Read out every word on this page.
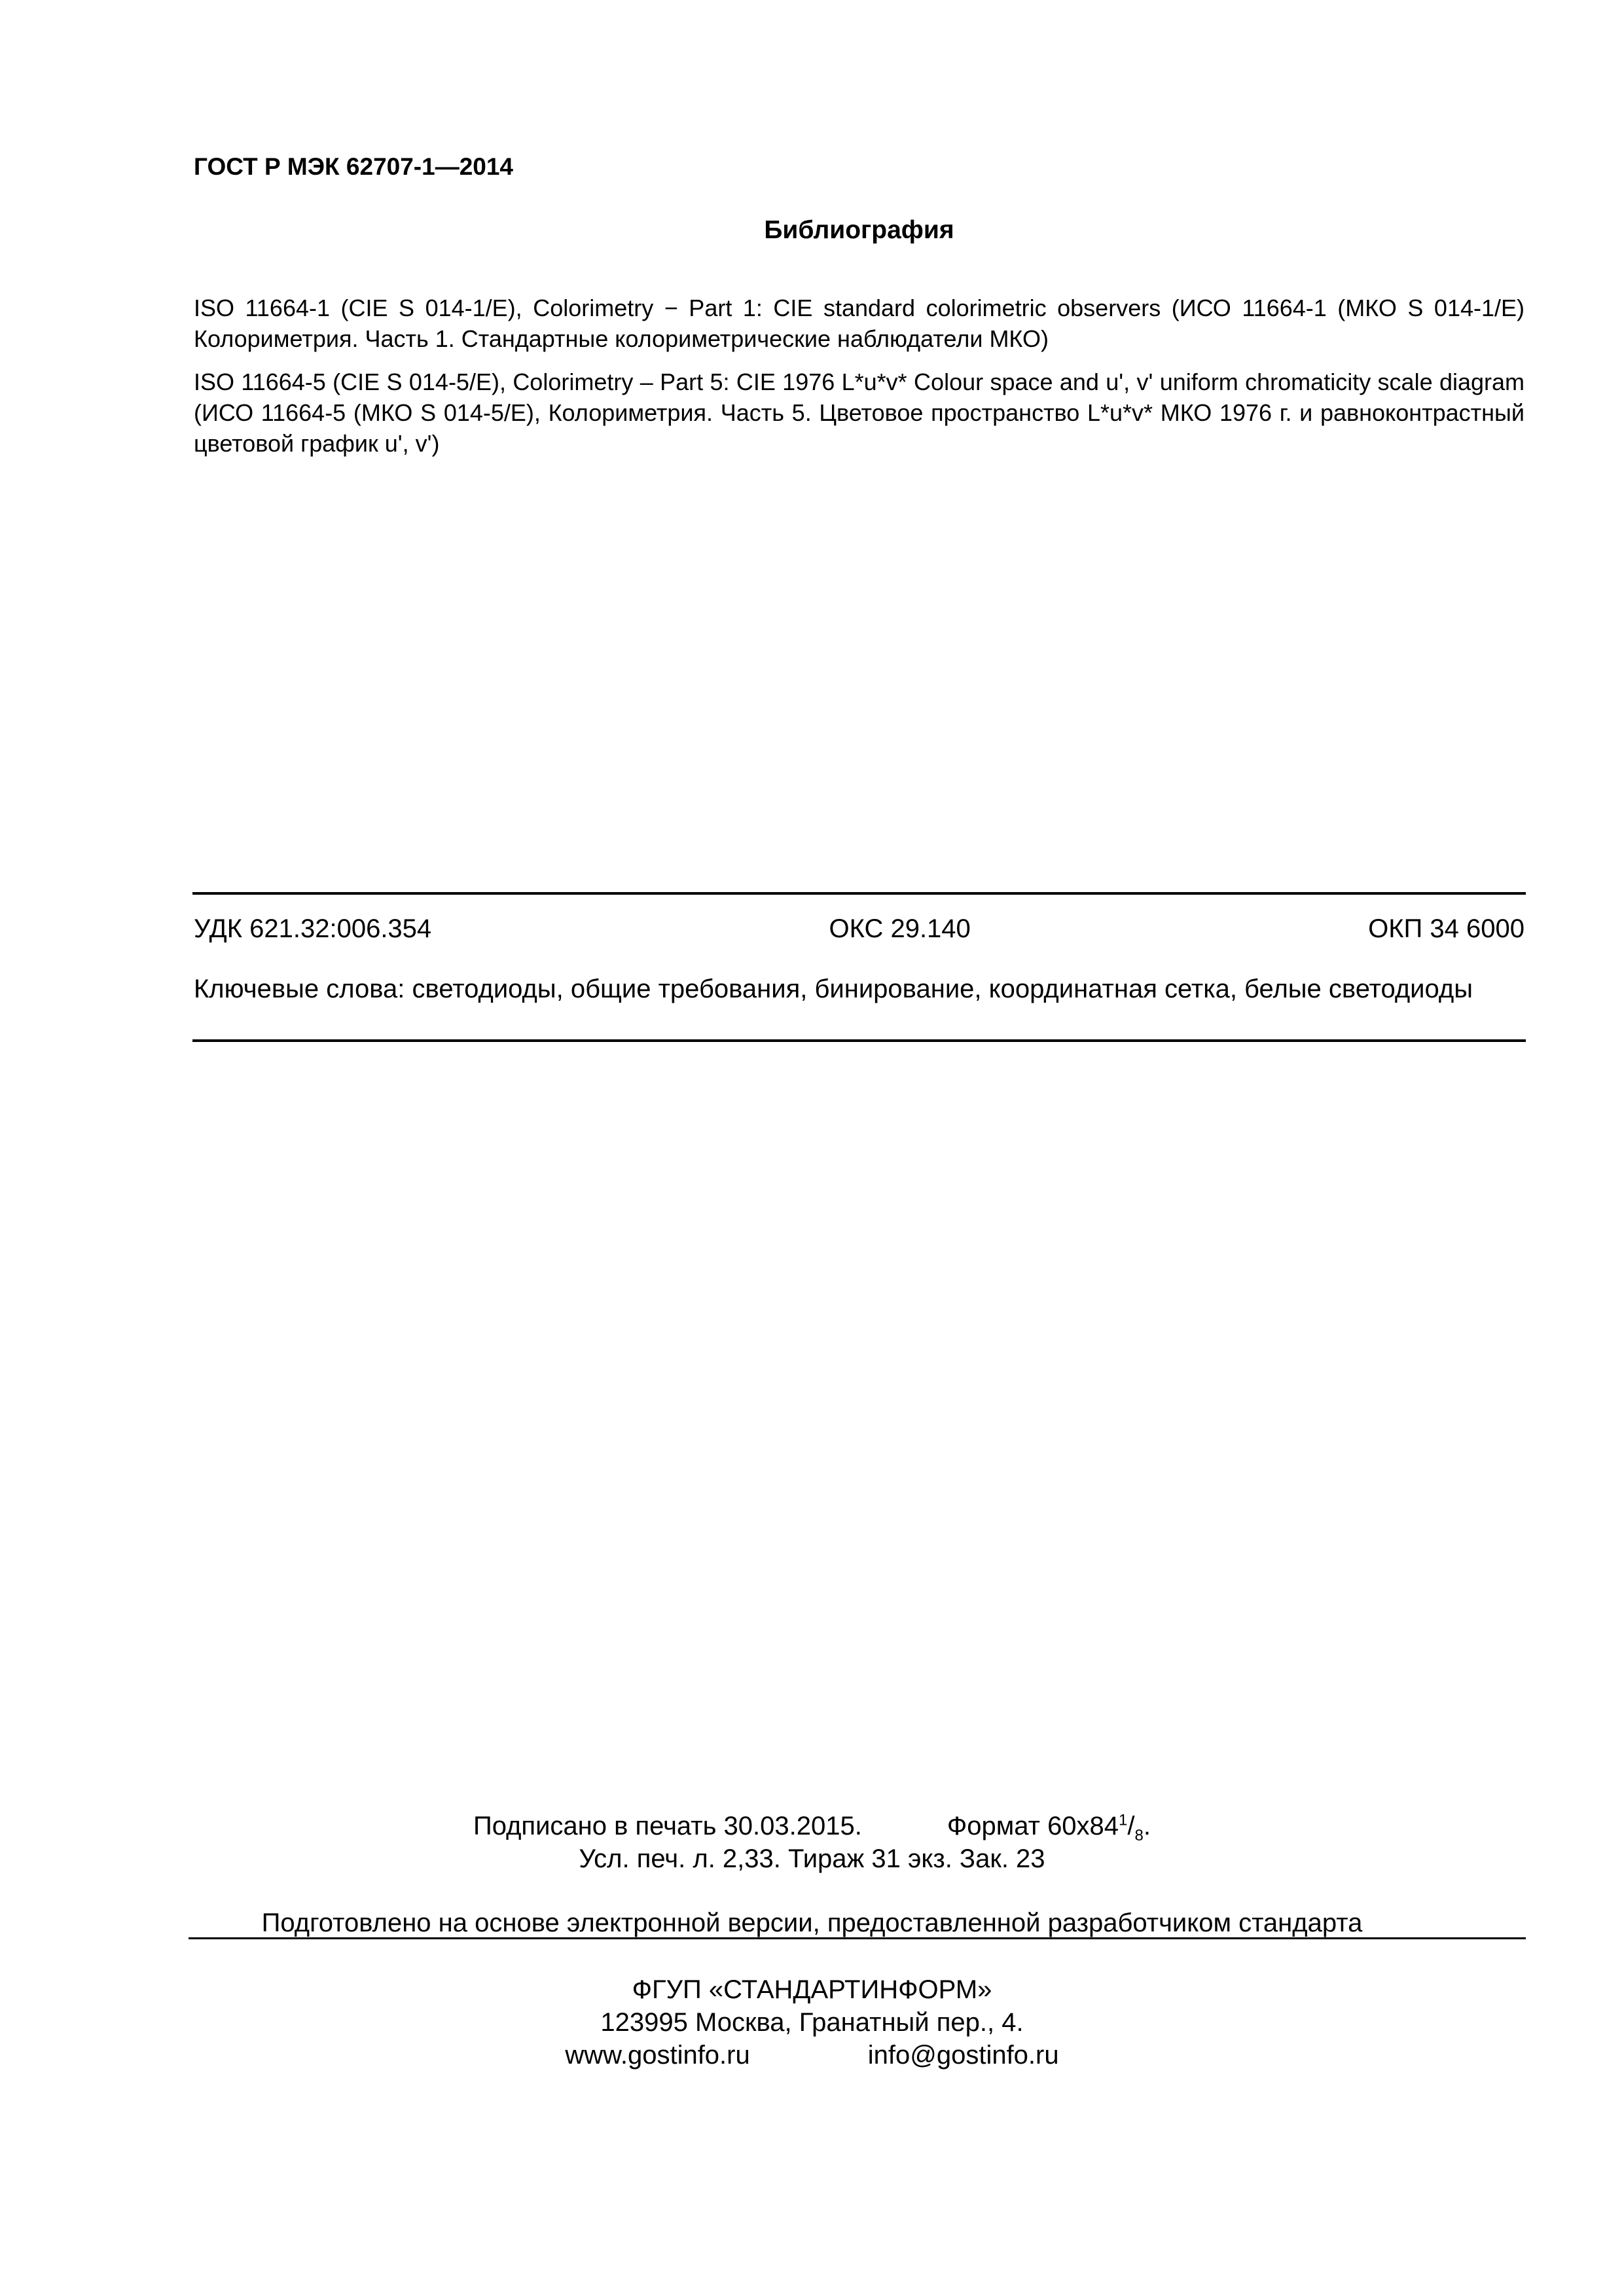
ГОСТ Р МЭК 62707-1—2014
Библиография
ISO 11664-1 (CIE S 014-1/E), Colorimetry − Part 1: CIE standard colorimetric observers (ИСО 11664-1 (МКО S 014-1/E) Колориметрия. Часть 1. Стандартные колориметрические наблюдатели МКО)
ISO 11664-5 (CIE S 014-5/E), Colorimetry – Part 5: CIE 1976 L*u*v* Colour space and u', v' uniform chromaticity scale diagram (ИСО 11664-5 (МКО S 014-5/E), Колориметрия. Часть 5. Цветовое пространство L*u*v* МКО 1976 г. и равноконтрастный цветовой график u', v')
УДК 621.32:006.354	ОКС 29.140	ОКП 34 6000
Ключевые слова: светодиоды, общие требования, бинирование, координатная сетка, белые светодиоды
Подписано в печать 30.03.2015.	Формат $60x84^1/_8$.
Усл. печ. л. 2,33. Тираж 31 экз. Зак. 23
Подготовлено на основе электронной версии, предоставленной разработчиком стандарта
ФГУП «СТАНДАРТИНФОРМ»
123995 Москва, Гранатный пер., 4.
www.gostinfo.ru	info@gostinfo.ru
